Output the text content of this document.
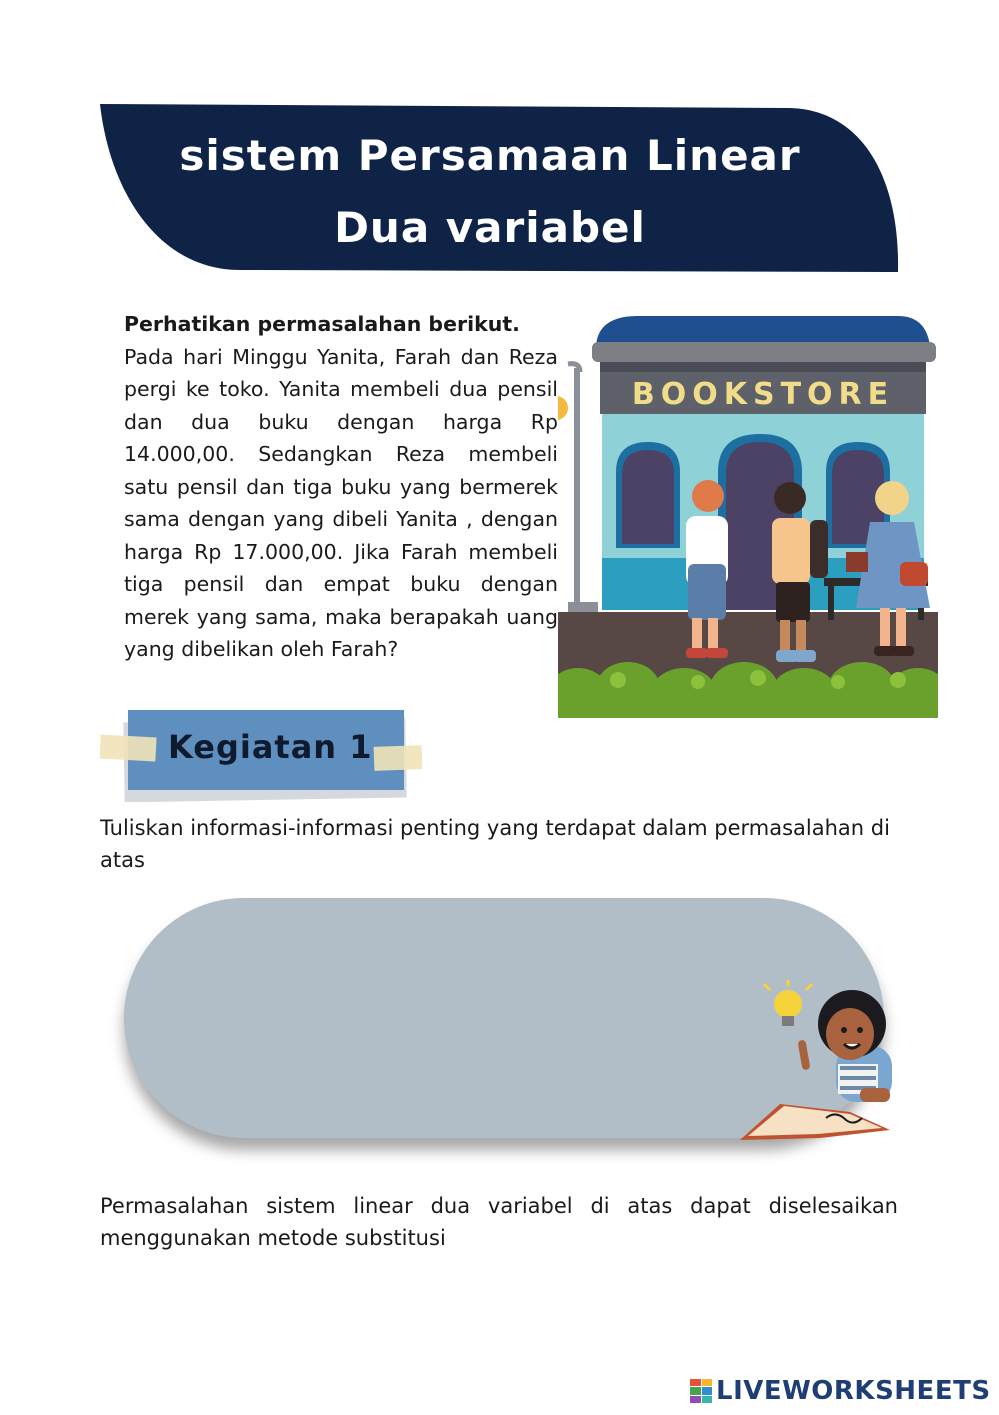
sistem Persamaan Linear
Dua variabel
Perhatikan permasalahan berikut.
Pada hari Minggu Yanita, Farah dan Reza pergi ke toko. Yanita membeli dua pensil dan dua buku dengan harga Rp 14.000,00. Sedangkan Reza membeli satu pensil dan tiga buku yang bermerek sama dengan yang dibeli Yanita , dengan harga Rp 17.000,00. Jika Farah membeli tiga pensil dan empat buku dengan merek yang sama, maka berapakah uang yang dibelikan oleh Farah?
BOOKSTORE
Kegiatan 1
Tuliskan informasi-informasi penting yang terdapat dalam permasalahan di atas
Permasalahan sistem linear dua variabel di atas dapat diselesaikan menggunakan metode substitusi
LIVEWORKSHEETS
